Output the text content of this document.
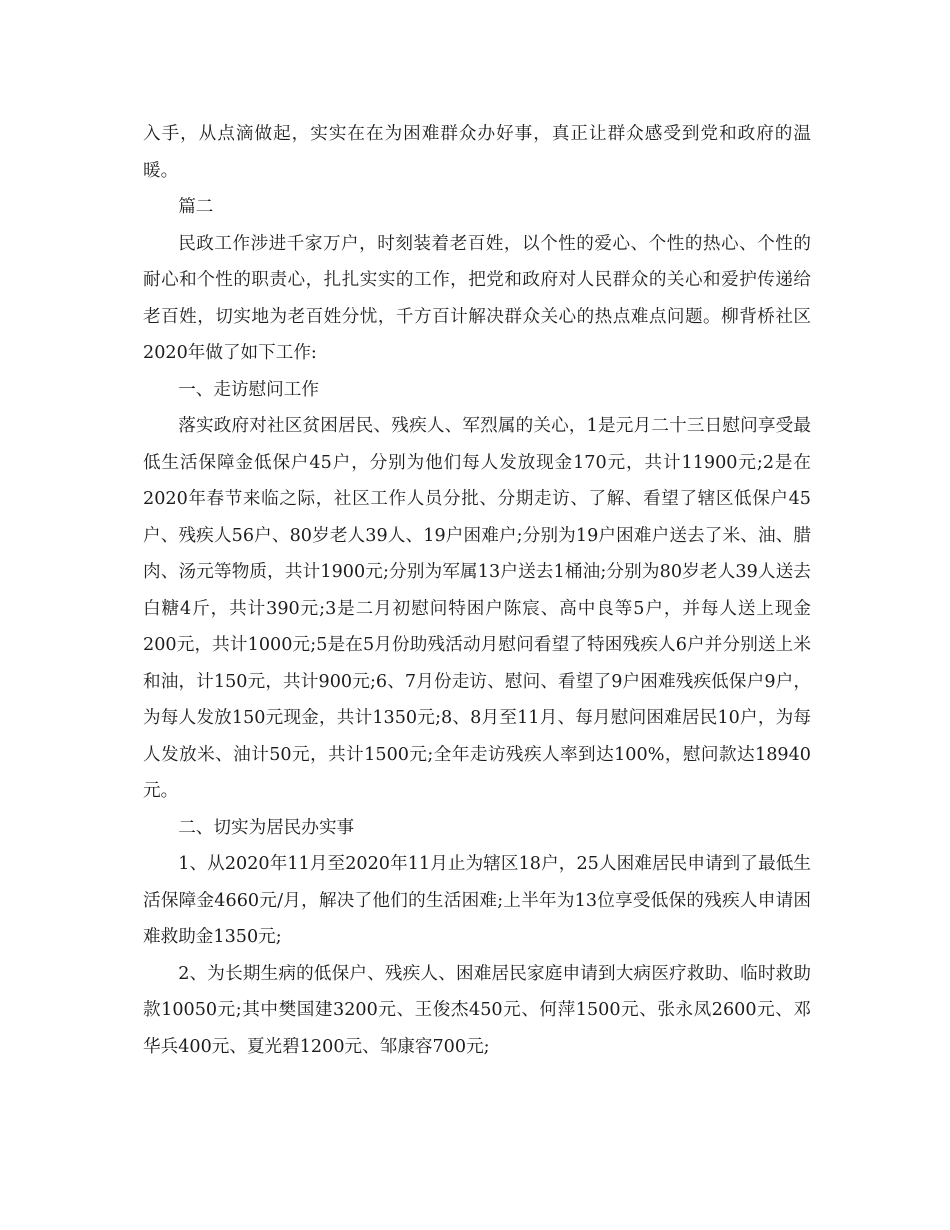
入手，从点滴做起，实实在在为困难群众办好事，真正让群众感受到党和政府的温暖。

篇二

民政工作涉进千家万户，时刻装着老百姓，以个性的爱心、个性的热心、个性的耐心和个性的职责心，扎扎实实的工作，把党和政府对人民群众的关心和爱护传递给老百姓，切实地为老百姓分忧，千方百计解决群众关心的热点难点问题。柳背桥社区2020年做了如下工作:

一、走访慰问工作

落实政府对社区贫困居民、残疾人、军烈属的关心，1是元月二十三日慰问享受最低生活保障金低保户45户，分别为他们每人发放现金170元，共计11900元;2是在2020年春节来临之际，社区工作人员分批、分期走访、了解、看望了辖区低保户45户、残疾人56户、80岁老人39人、19户困难户;分别为19户困难户送去了米、油、腊肉、汤元等物质，共计1900元;分别为军属13户送去1桶油;分别为80岁老人39人送去白糖4斤，共计390元;3是二月初慰问特困户陈宸、高中良等5户，并每人送上现金200元，共计1000元;5是在5月份助残活动月慰问看望了特困残疾人6户并分别送上米和油，计150元，共计900元;6、7月份走访、慰问、看望了9户困难残疾低保户9户，为每人发放150元现金，共计1350元;8、8月至11月、每月慰问困难居民10户，为每人发放米、油计50元，共计1500元;全年走访残疾人率到达100%，慰问款达18940元。

二、切实为居民办实事

1、从2020年11月至2020年11月止为辖区18户，25人困难居民申请到了最低生活保障金4660元/月，解决了他们的生活困难;上半年为13位享受低保的残疾人申请困难救助金1350元;

2、为长期生病的低保户、残疾人、困难居民家庭申请到大病医疗救助、临时救助款10050元;其中樊国建3200元、王俊杰450元、何萍1500元、张永凤2600元、邓华兵400元、夏光碧1200元、邹康容700元;
